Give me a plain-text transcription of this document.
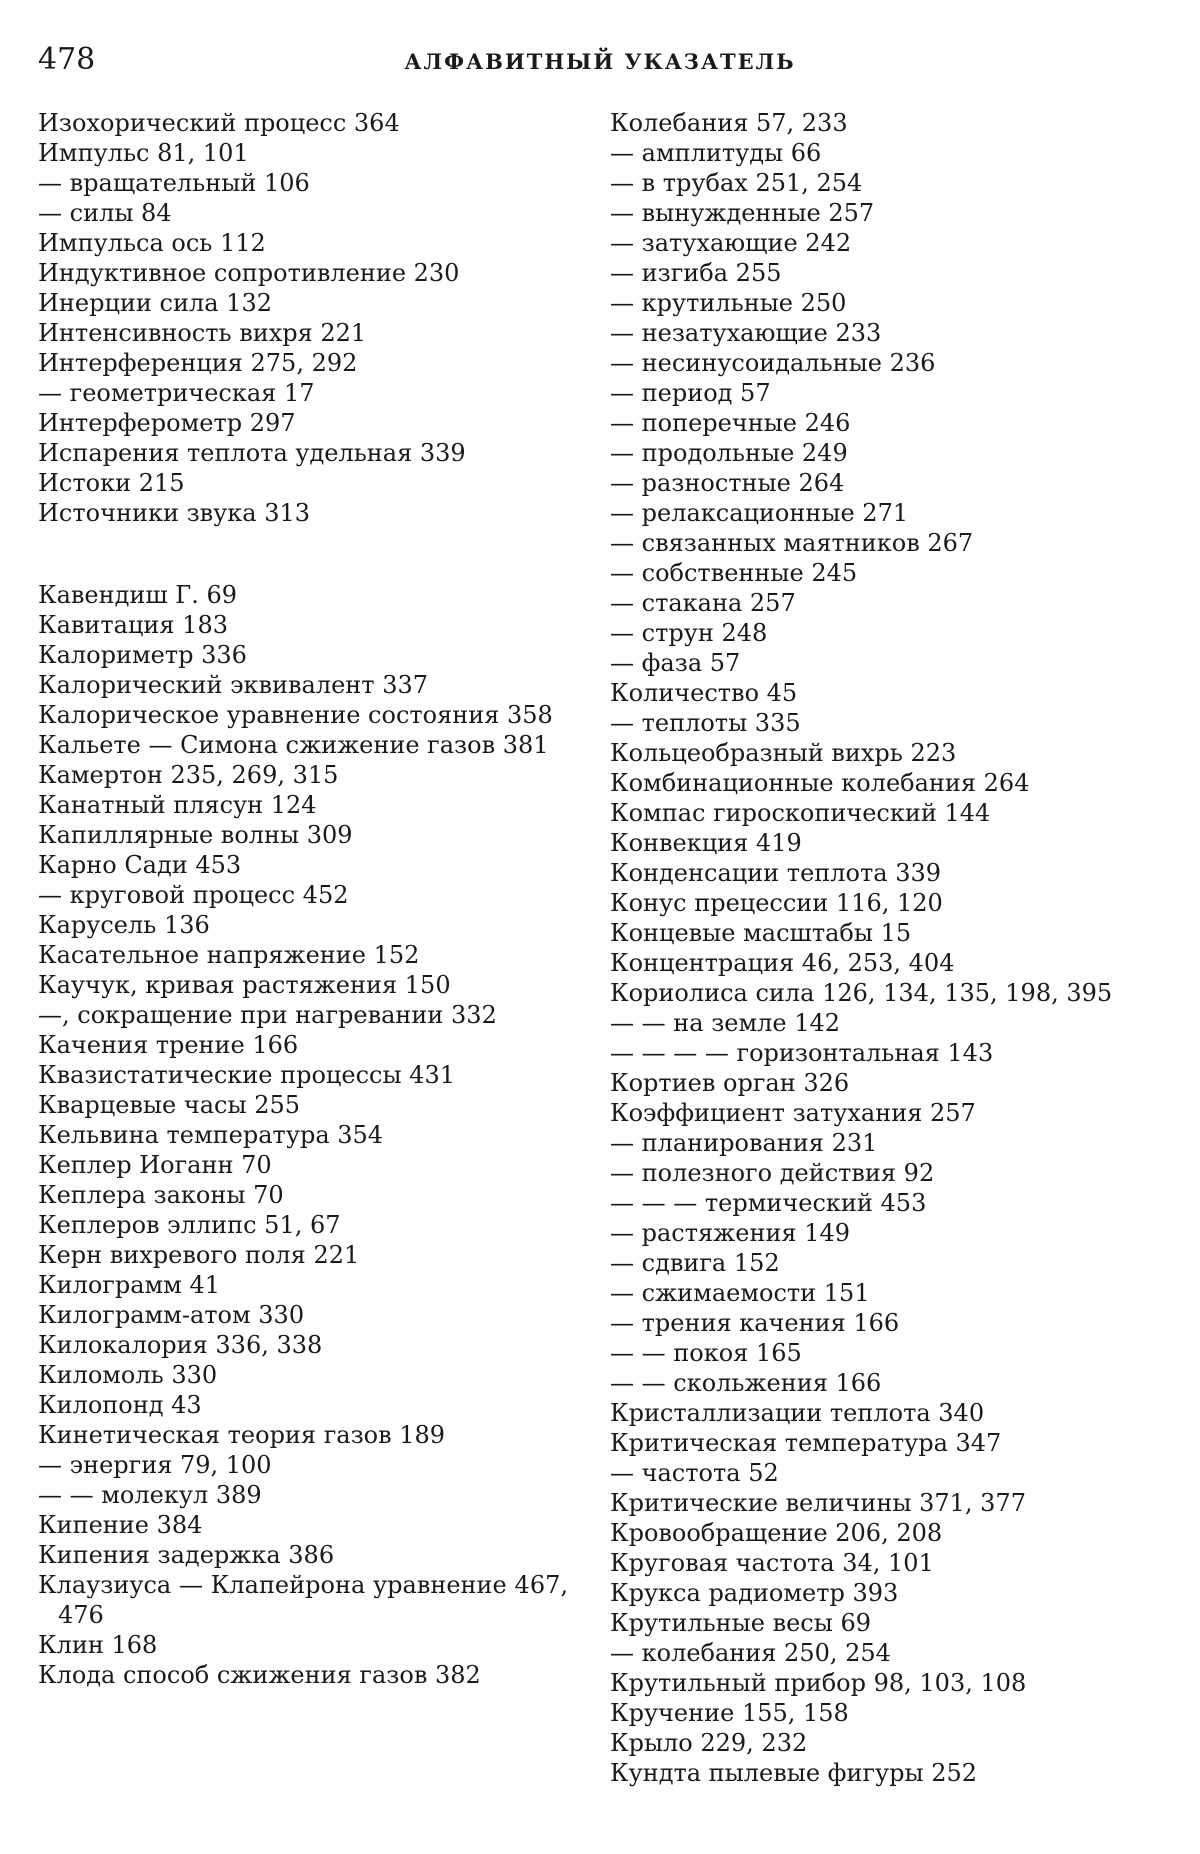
478	АЛФАВИТНЫЙ УКАЗАТЕЛЬ
Изохорический процесс 364
Импульс 81, 101
— вращательный 106
— силы 84
Импульса ось 112
Индуктивное сопротивление 230
Инерции сила 132
Интенсивность вихря 221
Интерференция 275, 292
— геометрическая 17
Интерферометр 297
Испарения теплота удельная 339
Истоки 215
Источники звука 313
Кавендиш Г. 69
Кавитация 183
Калориметр 336
Калорический эквивалент 337
Калорическое уравнение состояния 358
Кальете — Симона сжижение газов 381
Камертон 235, 269, 315
Канатный плясун 124
Капиллярные волны 309
Карно Сади 453
— круговой процесс 452
Карусель 136
Касательное напряжение 152
Каучук, кривая растяжения 150
—, сокращение при нагревании 332
Качения трение 166
Квазистатические процессы 431
Кварцевые часы 255
Кельвина температура 354
Кеплер Иоганн 70
Кеплера законы 70
Кеплеров эллипс 51, 67
Керн вихревого поля 221
Килограмм 41
Килограмм-атом 330
Килокалория 336, 338
Киломоль 330
Килопонд 43
Кинетическая теория газов 189
— энергия 79, 100
— — молекул 389
Кипение 384
Кипения задержка 386
Клаузиуса — Клапейрона уравнение 467, 476
Клин 168
Клода способ сжижения газов 382
Колебания 57, 233
— амплитуды 66
— в трубах 251, 254
— вынужденные 257
— затухающие 242
— изгиба 255
— крутильные 250
— незатухающие 233
— несинусоидальные 236
— период 57
— поперечные 246
— продольные 249
— разностные 264
— релаксационные 271
— связанных маятников 267
— собственные 245
— стакана 257
— струн 248
— фаза 57
Количество 45
— теплоты 335
Кольцеобразный вихрь 223
Комбинационные колебания 264
Компас гироскопический 144
Конвекция 419
Конденсации теплота 339
Конус прецессии 116, 120
Концевые масштабы 15
Концентрация 46, 253, 404
Кориолиса сила 126, 134, 135, 198, 395
— — на земле 142
— — — — горизонтальная 143
Кортиев орган 326
Коэффициент затухания 257
— планирования 231
— полезного действия 92
— — — термический 453
— растяжения 149
— сдвига 152
— сжимаемости 151
— трения качения 166
— — покоя 165
— — скольжения 166
Кристаллизации теплота 340
Критическая температура 347
— частота 52
Критические величины 371, 377
Кровообращение 206, 208
Круговая частота 34, 101
Крукса радиометр 393
Крутильные весы 69
— колебания 250, 254
Крутильный прибор 98, 103, 108
Кручение 155, 158
Крыло 229, 232
Кундта пылевые фигуры 252
